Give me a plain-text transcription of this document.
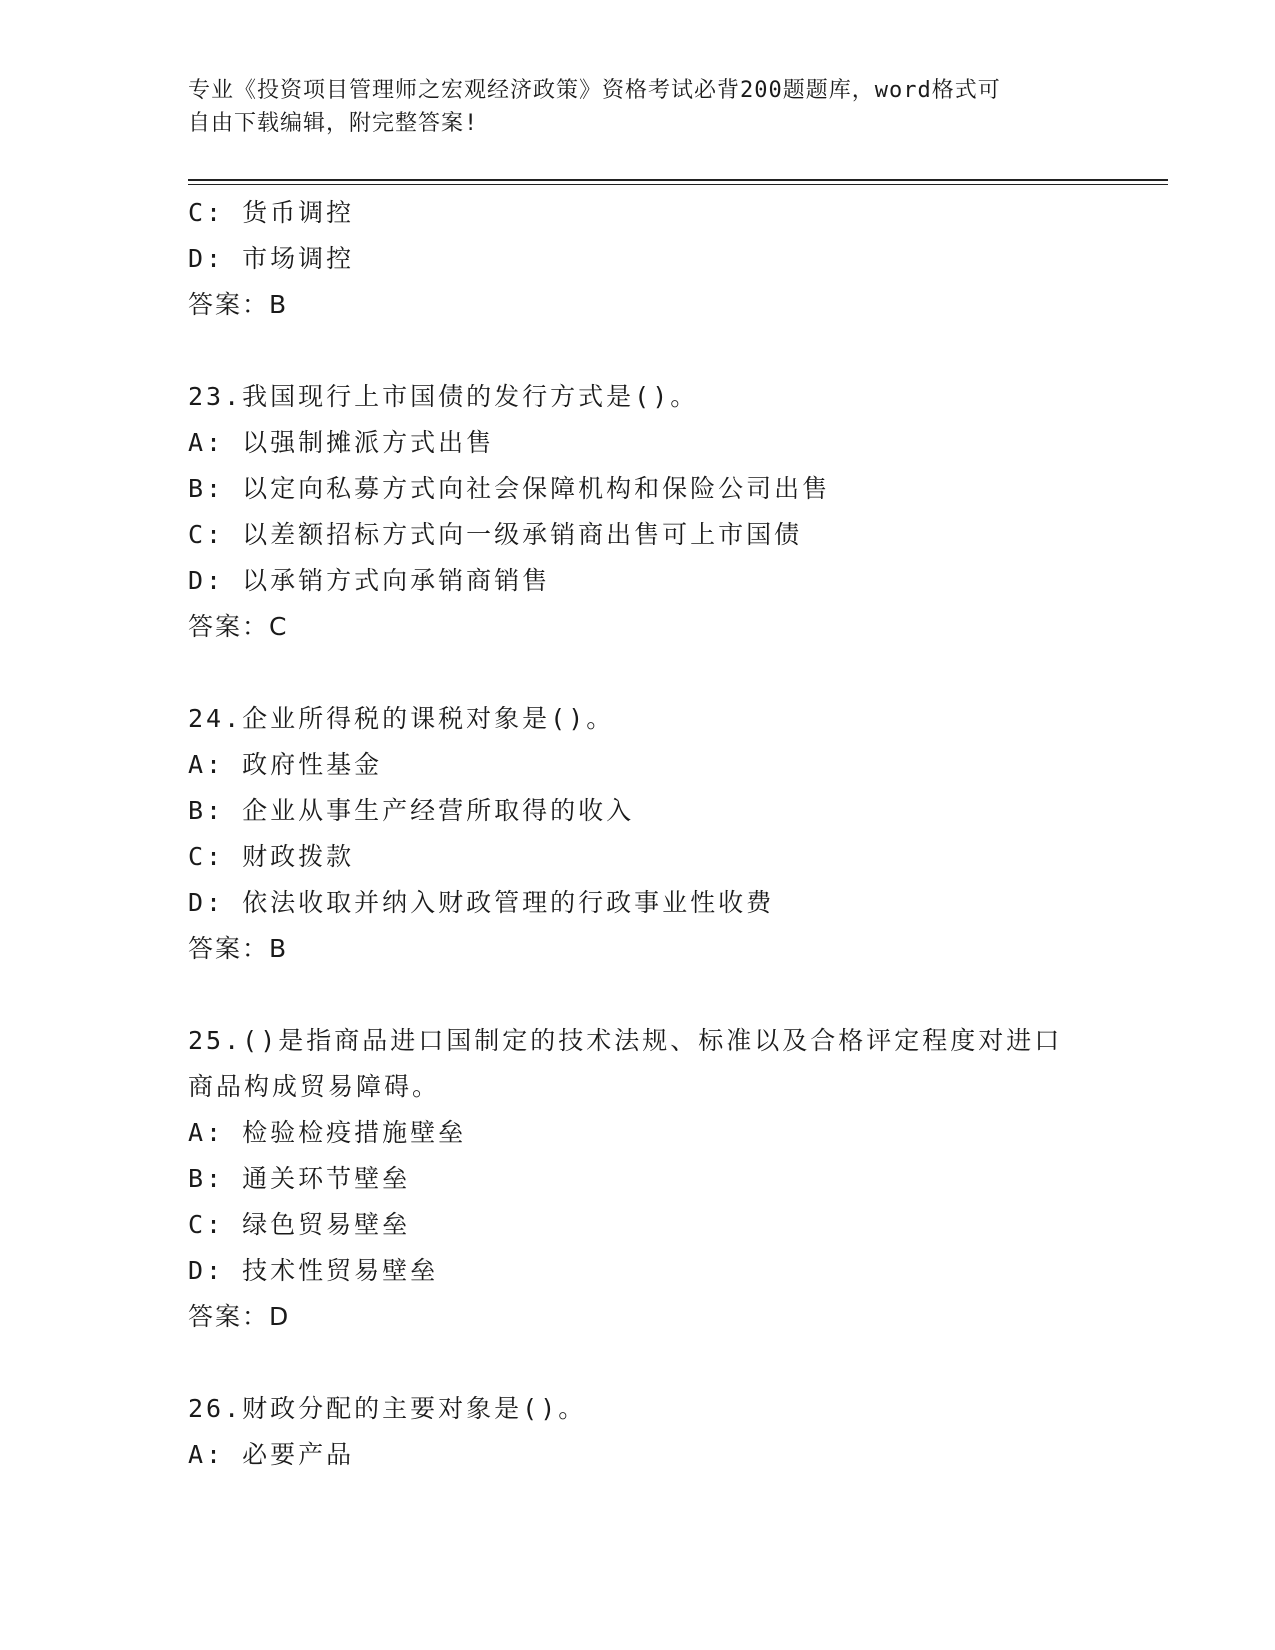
专业《投资项目管理师之宏观经济政策》资格考试必背200题题库，word格式可
自由下载编辑，附完整答案!
C: 货币调控
D: 市场调控
答案：B
23.我国现行上市国债的发行方式是()。
A: 以强制摊派方式出售
B: 以定向私募方式向社会保障机构和保险公司出售
C: 以差额招标方式向一级承销商出售可上市国债
D: 以承销方式向承销商销售
答案：C
24.企业所得税的课税对象是()。
A: 政府性基金
B: 企业从事生产经营所取得的收入
C: 财政拨款
D: 依法收取并纳入财政管理的行政事业性收费
答案：B
25.()是指商品进口国制定的技术法规、标准以及合格评定程度对进口
商品构成贸易障碍。
A: 检验检疫措施壁垒
B: 通关环节壁垒
C: 绿色贸易壁垒
D: 技术性贸易壁垒
答案：D
26.财政分配的主要对象是()。
A: 必要产品
